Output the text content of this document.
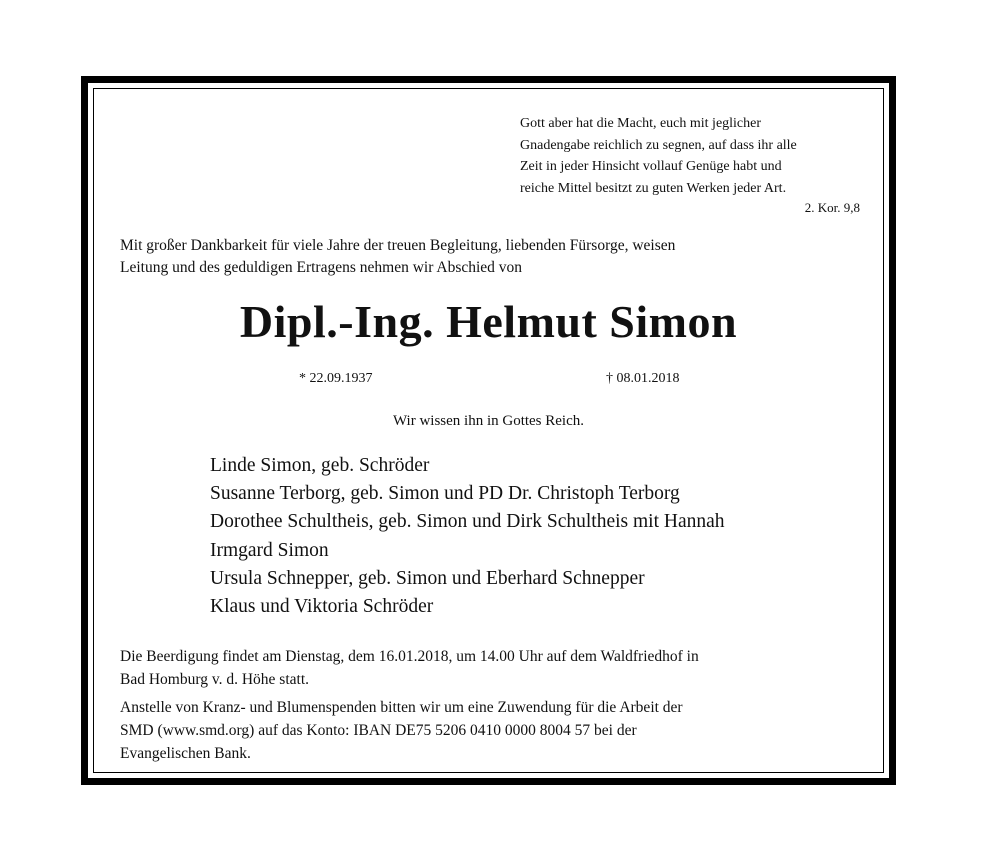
Gott aber hat die Macht, euch mit jeglicher
Gnadengabe reichlich zu segnen, auf dass ihr alle
Zeit in jeder Hinsicht vollauf Genüge habt und
reiche Mittel besitzt zu guten Werken jeder Art.
2. Kor. 9,8
Mit großer Dankbarkeit für viele Jahre der treuen Begleitung, liebenden Fürsorge, weisen
Leitung und des geduldigen Ertragens nehmen wir Abschied von
Dipl.-Ing. Helmut Simon
* 22.09.1937	† 08.01.2018
Wir wissen ihn in Gottes Reich.
Linde Simon, geb. Schröder
Susanne Terborg, geb. Simon und PD Dr. Christoph Terborg
Dorothee Schultheis, geb. Simon und Dirk Schultheis mit Hannah
Irmgard Simon
Ursula Schnepper, geb. Simon und Eberhard Schnepper
Klaus und Viktoria Schröder
Die Beerdigung findet am Dienstag, dem 16.01.2018, um 14.00 Uhr auf dem Waldfriedhof in
Bad Homburg v. d. Höhe statt.
Anstelle von Kranz- und Blumenspenden bitten wir um eine Zuwendung für die Arbeit der
SMD (www.smd.org) auf das Konto: IBAN DE75 5206 0410 0000 8004 57 bei der
Evangelischen Bank.
